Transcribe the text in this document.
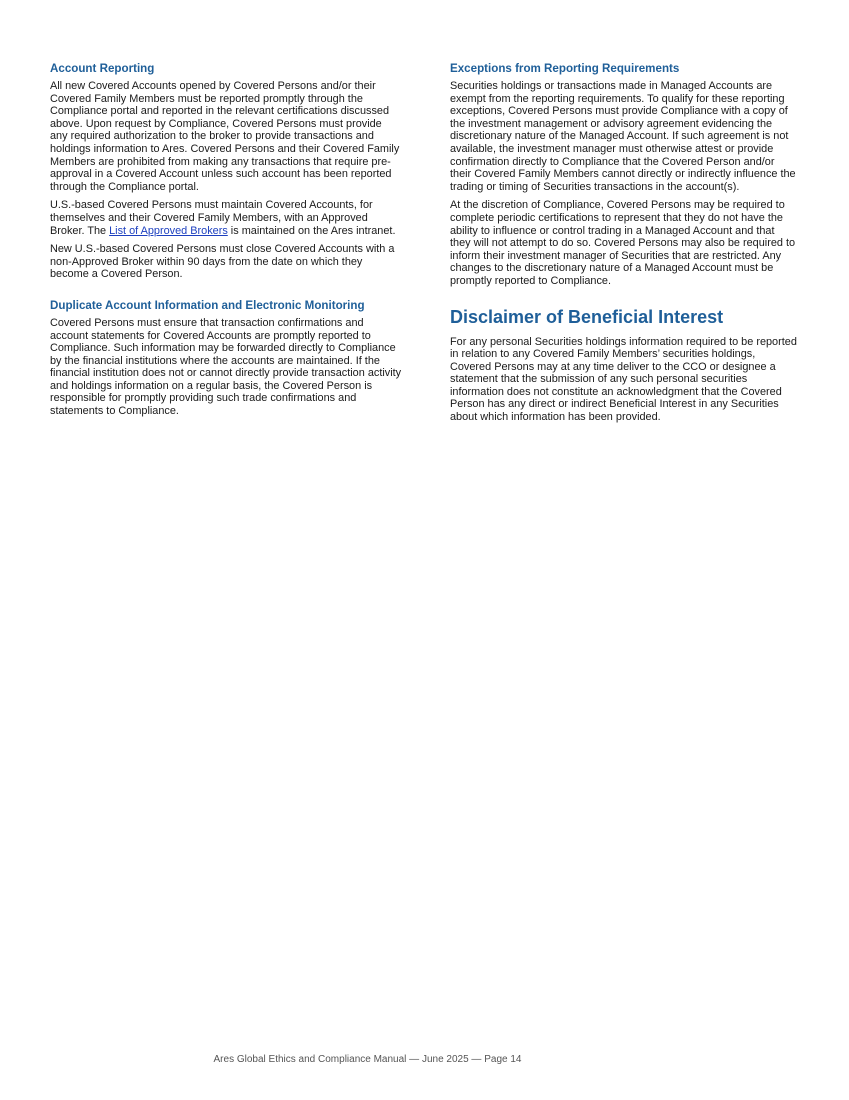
Account Reporting

All new Covered Accounts opened by Covered Persons and/or their Covered Family Members must be reported promptly through the Compliance portal and reported in the relevant certifications discussed above. Upon request by Compliance, Covered Persons must provide any required authorization to the broker to provide transactions and holdings information to Ares. Covered Persons and their Covered Family Members are prohibited from making any transactions that require pre-approval in a Covered Account unless such account has been reported through the Compliance portal.

U.S.-based Covered Persons must maintain Covered Accounts, for themselves and their Covered Family Members, with an Approved Broker. The List of Approved Brokers is maintained on the Ares intranet.

New U.S.-based Covered Persons must close Covered Accounts with a non-Approved Broker within 90 days from the date on which they become a Covered Person.

Duplicate Account Information and Electronic Monitoring

Covered Persons must ensure that transaction confirmations and account statements for Covered Accounts are promptly reported to Compliance. Such information may be forwarded directly to Compliance by the financial institutions where the accounts are maintained. If the financial institution does not or cannot directly provide transaction activity and holdings information on a regular basis, the Covered Person is responsible for promptly providing such trade confirmations and statements to Compliance.

Exceptions from Reporting Requirements

Securities holdings or transactions made in Managed Accounts are exempt from the reporting requirements. To qualify for these reporting exceptions, Covered Persons must provide Compliance with a copy of the investment management or advisory agreement evidencing the discretionary nature of the Managed Account. If such agreement is not available, the investment manager must otherwise attest or provide confirmation directly to Compliance that the Covered Person and/or their Covered Family Members cannot directly or indirectly influence the trading or timing of Securities transactions in the account(s).

At the discretion of Compliance, Covered Persons may be required to complete periodic certifications to represent that they do not have the ability to influence or control trading in a Managed Account and that they will not attempt to do so. Covered Persons may also be required to inform their investment manager of Securities that are restricted. Any changes to the discretionary nature of a Managed Account must be promptly reported to Compliance.

Disclaimer of Beneficial Interest

For any personal Securities holdings information required to be reported in relation to any Covered Family Members’ securities holdings, Covered Persons may at any time deliver to the CCO or designee a statement that the submission of any such personal securities information does not constitute an acknowledgment that the Covered Person has any direct or indirect Beneficial Interest in any Securities about which information has been provided.

Ares Global Ethics and Compliance Manual — June 2025 — Page 14
